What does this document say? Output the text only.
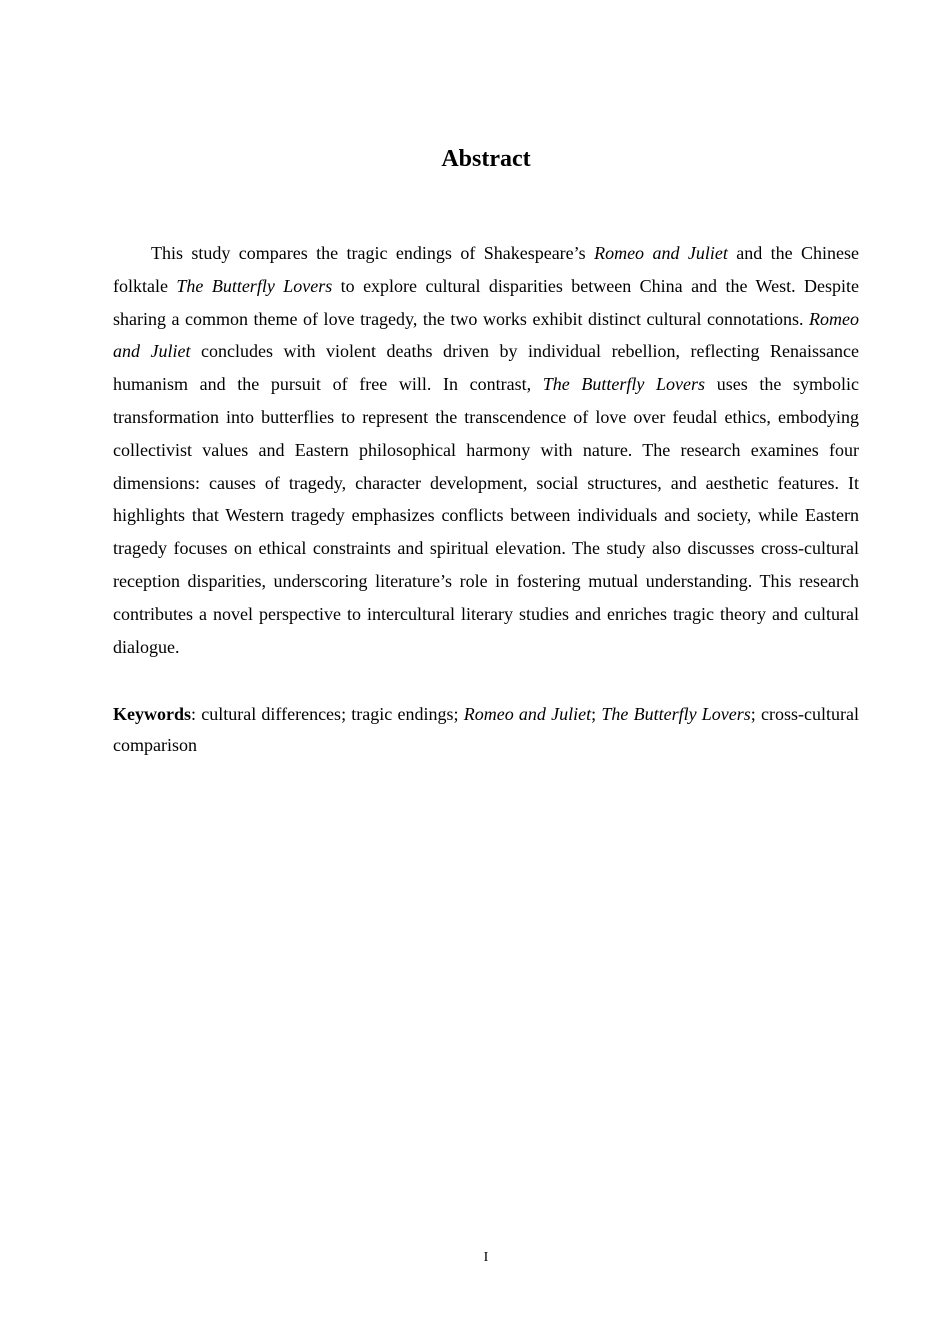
Abstract

This study compares the tragic endings of Shakespeare’s Romeo and Juliet and the Chinese folktale The Butterfly Lovers to explore cultural disparities between China and the West. Despite sharing a common theme of love tragedy, the two works exhibit distinct cultural connotations. Romeo and Juliet concludes with violent deaths driven by individual rebellion, reflecting Renaissance humanism and the pursuit of free will. In contrast, The Butterfly Lovers uses the symbolic transformation into butterflies to represent the transcendence of love over feudal ethics, embodying collectivist values and Eastern philosophical harmony with nature. The research examines four dimensions: causes of tragedy, character development, social structures, and aesthetic features. It highlights that Western tragedy emphasizes conflicts between individuals and society, while Eastern tragedy focuses on ethical constraints and spiritual elevation. The study also discusses cross-cultural reception disparities, underscoring literature’s role in fostering mutual understanding. This research contributes a novel perspective to intercultural literary studies and enriches tragic theory and cultural dialogue.

Keywords: cultural differences; tragic endings; Romeo and Juliet; The Butterfly Lovers; cross-cultural comparison

I
